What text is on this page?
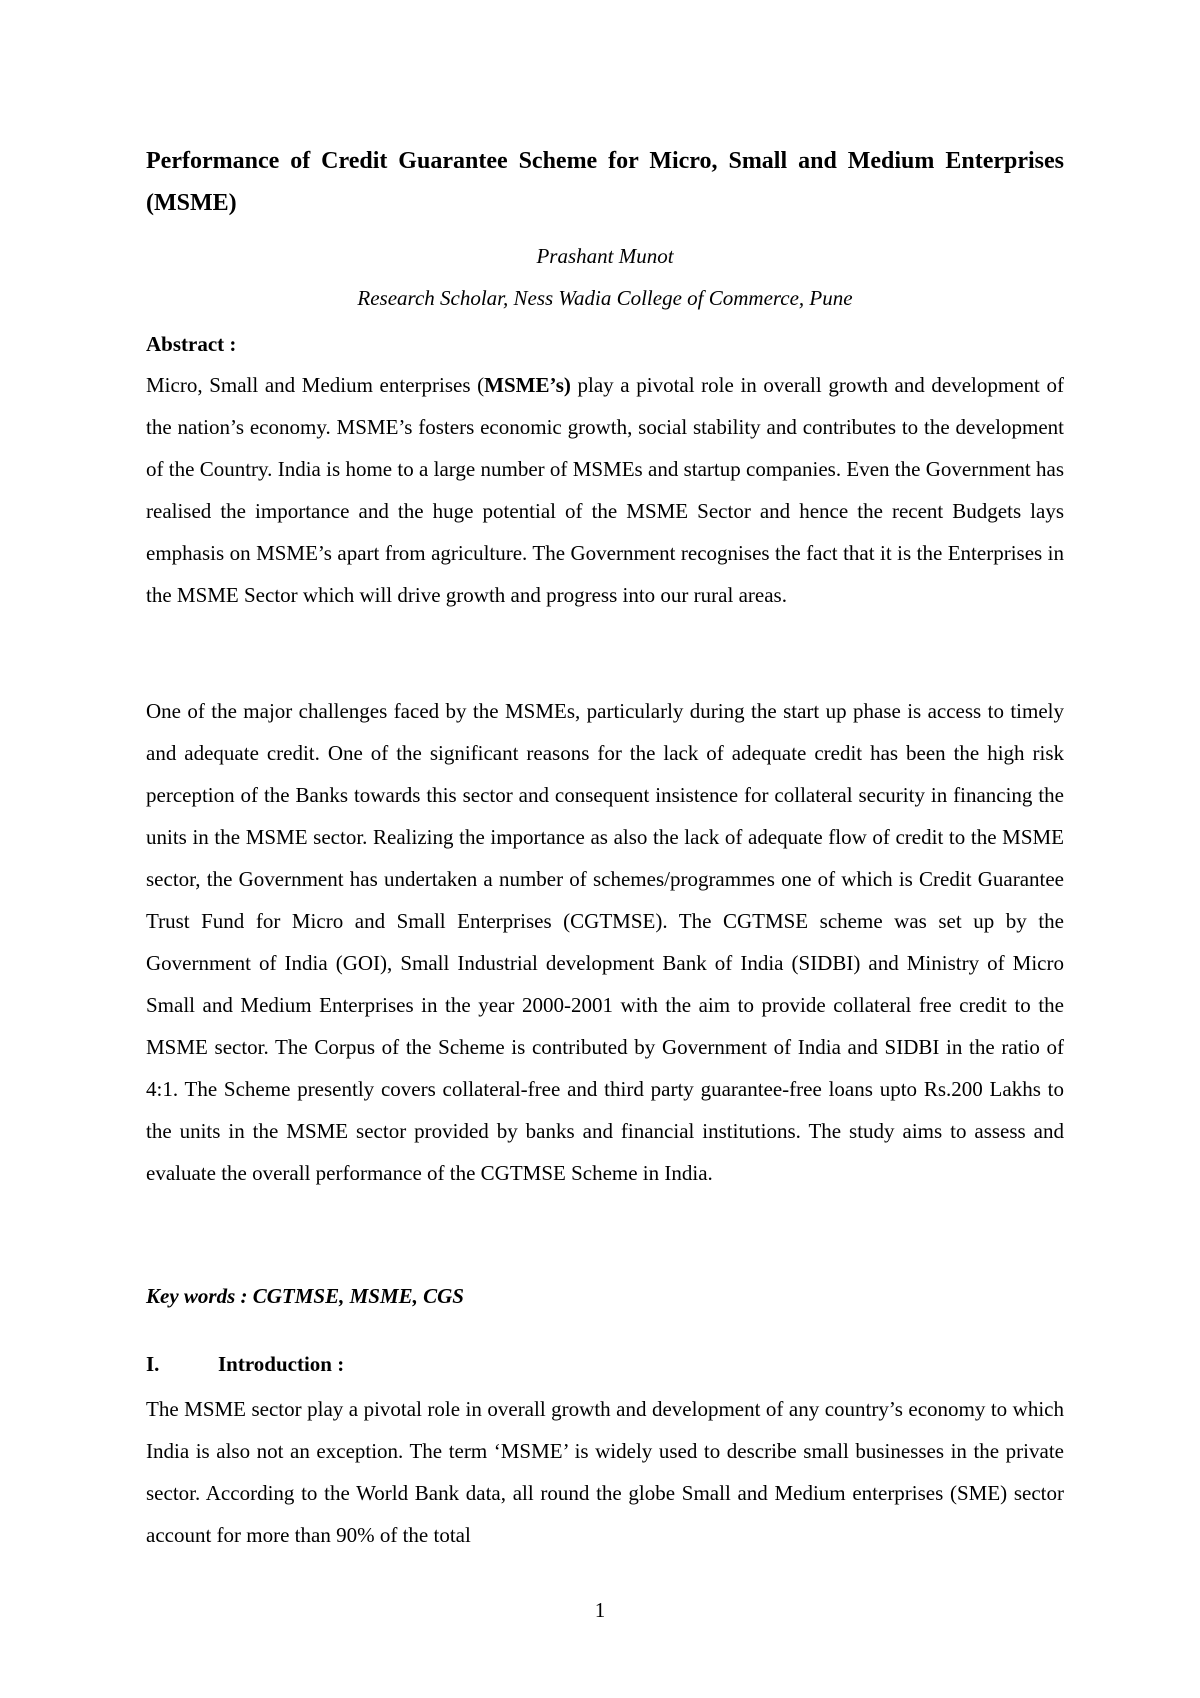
Performance of Credit Guarantee Scheme for Micro, Small and Medium Enterprises (MSME)

Prashant Munot

Research Scholar, Ness Wadia College of Commerce, Pune

Abstract :

Micro, Small and Medium enterprises (MSME’s) play a pivotal role in overall growth and development of the nation’s economy. MSME’s fosters economic growth, social stability and contributes to the development of the Country. India is home to a large number of MSMEs and startup companies. Even the Government has realised the importance and the huge potential of the MSME Sector and hence the recent Budgets lays emphasis on MSME’s apart from agriculture. The Government recognises the fact that it is the Enterprises in the MSME Sector which will drive growth and progress into our rural areas.

One of the major challenges faced by the MSMEs, particularly during the start up phase is access to timely and adequate credit. One of the significant reasons for the lack of adequate credit has been the high risk perception of the Banks towards this sector and consequent insistence for collateral security in financing the units in the MSME sector. Realizing the importance as also the lack of adequate flow of credit to the MSME sector, the Government has undertaken a number of schemes/programmes one of which is Credit Guarantee Trust Fund for Micro and Small Enterprises (CGTMSE). The CGTMSE scheme was set up by the Government of India (GOI), Small Industrial development Bank of India (SIDBI) and Ministry of Micro Small and Medium Enterprises in the year 2000-2001 with the aim to provide collateral free credit to the MSME sector. The Corpus of the Scheme is contributed by Government of India and SIDBI in the ratio of 4:1. The Scheme presently covers collateral-free and third party guarantee-free loans upto Rs.200 Lakhs to the units in the MSME sector provided by banks and financial institutions. The study aims to assess and evaluate the overall performance of the CGTMSE Scheme in India.

Key words : CGTMSE, MSME, CGS

I.	Introduction :

The MSME sector play a pivotal role in overall growth and development of any country’s economy to which India is also not an exception. The term ‘MSME’ is widely used to describe small businesses in the private sector. According to the World Bank data, all round the globe Small and Medium enterprises (SME) sector account for more than 90% of the total

1
